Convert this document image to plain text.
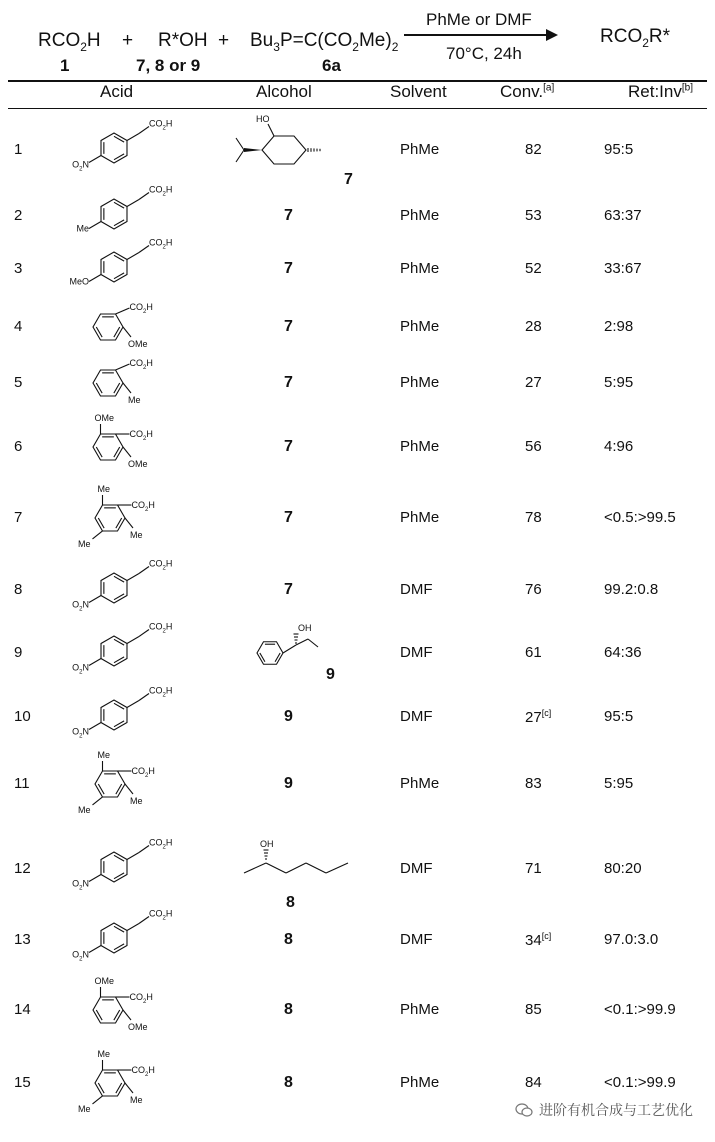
$RCO_2H$
1
+ R*OH +
7, 8 or 9
$Bu_3P=C(CO_2Me)_2$
6a
PhMe or DMF
70°C, 24h
$RCO_2R*$
Acid	Alcohol	Solvent	Conv.[a]	Ret:Inv[b]
1
$CO_2H$
$O_2N$
HO
7
PhMe	82	95:5
2
$CO_2H$
Me
7	PhMe	53	63:37
3
$CO_2H$
MeO
7	PhMe	52	33:67
4
$CO_2H$
OMe
7	PhMe	28	2:98
5
$CO_2H$
Me
7	PhMe	27	5:95
6
$CO_2H$
OMe
OMe
7	PhMe	56	4:96
7
$CO_2H$
Me
Me
Me
7	PhMe	78	<0.5:>99.5
8
$CO_2H$
$O_2N$
7	DMF	76	99.2:0.8
9
$CO_2H$
$O_2N$
OH
9
DMF	61	64:36
10
$CO_2H$
$O_2N$
9	DMF	27[c]	95:5
11
$CO_2H$
Me
Me
Me
9	PhMe	83	5:95
12
$CO_2H$
$O_2N$
OH
8
DMF	71	80:20
13
$CO_2H$
$O_2N$
8	DMF	34[c]	97.0:3.0
14
$CO_2H$
OMe
OMe
8	PhMe	85	<0.1:>99.9
15
$CO_2H$
Me
Me
Me
8	PhMe	84	<0.1:>99.9
进阶有机合成与工艺优化
